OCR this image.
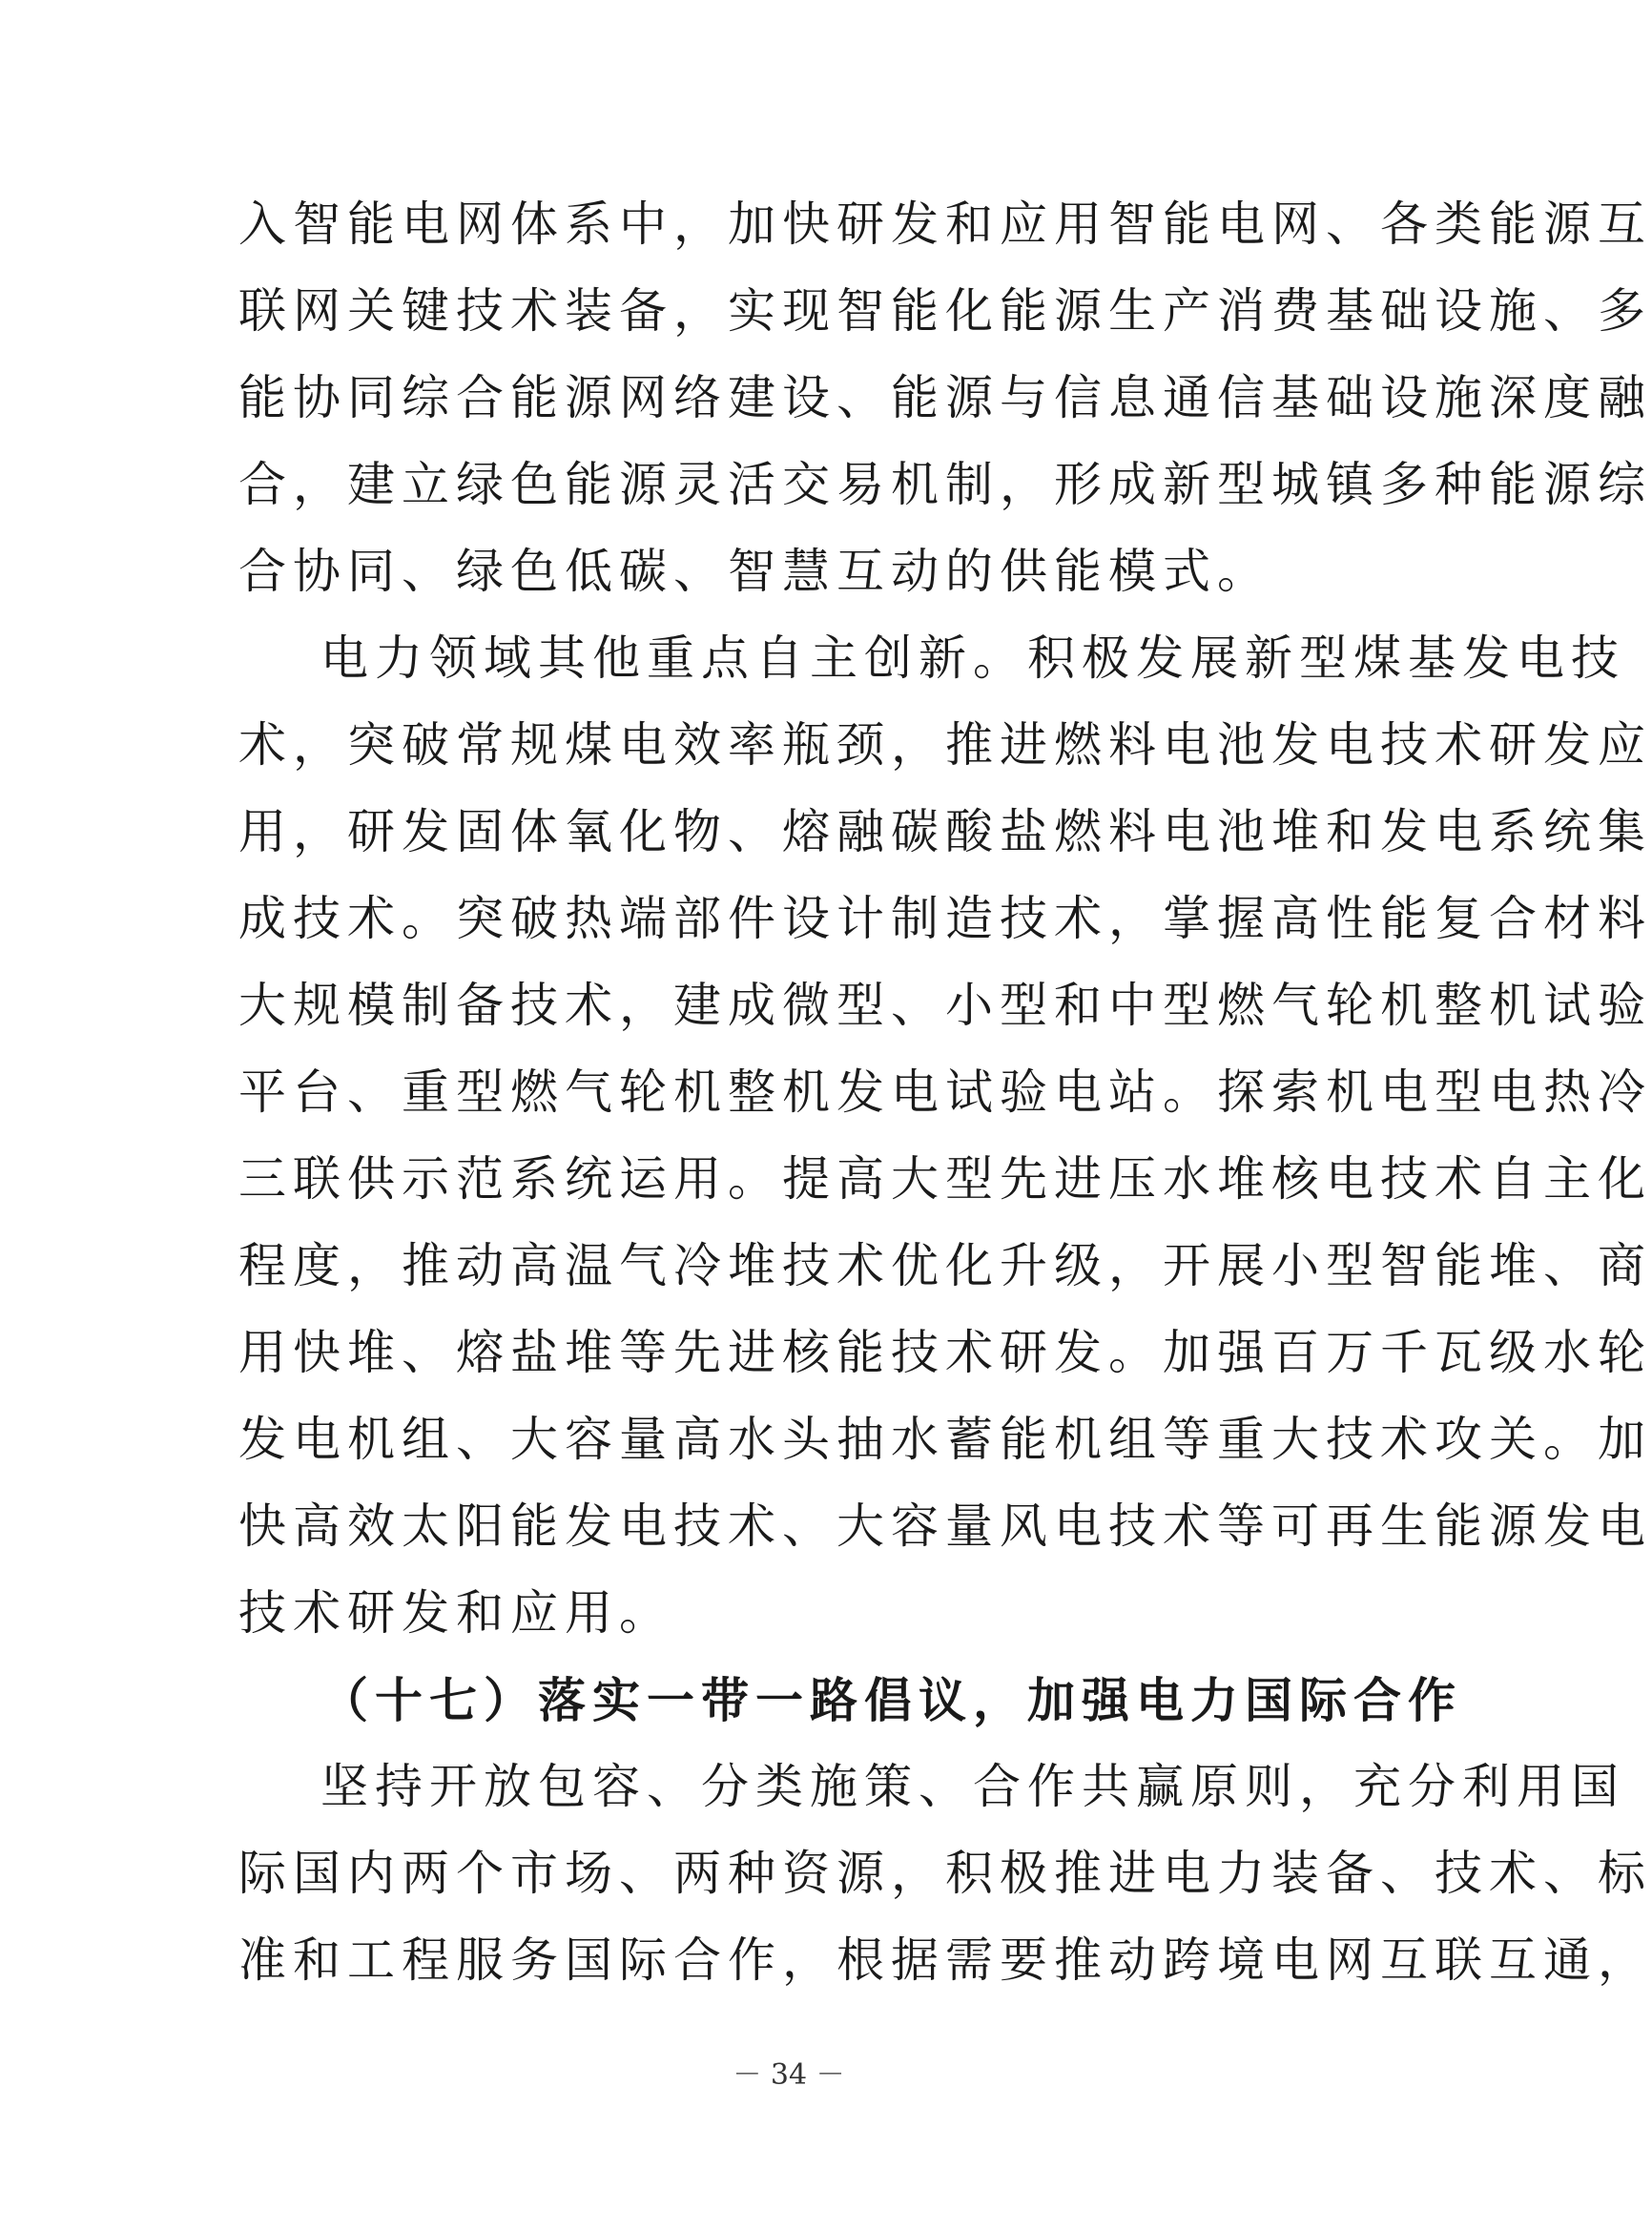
入智能电网体系中，加快研发和应用智能电网、各类能源互
联网关键技术装备，实现智能化能源生产消费基础设施、多
能协同综合能源网络建设、能源与信息通信基础设施深度融
合，建立绿色能源灵活交易机制，形成新型城镇多种能源综
合协同、绿色低碳、智慧互动的供能模式。
电力领域其他重点自主创新。积极发展新型煤基发电技
术，突破常规煤电效率瓶颈，推进燃料电池发电技术研发应
用，研发固体氧化物、熔融碳酸盐燃料电池堆和发电系统集
成技术。突破热端部件设计制造技术，掌握高性能复合材料
大规模制备技术，建成微型、小型和中型燃气轮机整机试验
平台、重型燃气轮机整机发电试验电站。探索机电型电热冷
三联供示范系统运用。提高大型先进压水堆核电技术自主化
程度，推动高温气冷堆技术优化升级，开展小型智能堆、商
用快堆、熔盐堆等先进核能技术研发。加强百万千瓦级水轮
发电机组、大容量高水头抽水蓄能机组等重大技术攻关。加
快高效太阳能发电技术、大容量风电技术等可再生能源发电
技术研发和应用。
（十七）落实一带一路倡议，加强电力国际合作
坚持开放包容、分类施策、合作共赢原则，充分利用国
际国内两个市场、两种资源，积极推进电力装备、技术、标
准和工程服务国际合作，根据需要推动跨境电网互联互通，
－ 34 －
